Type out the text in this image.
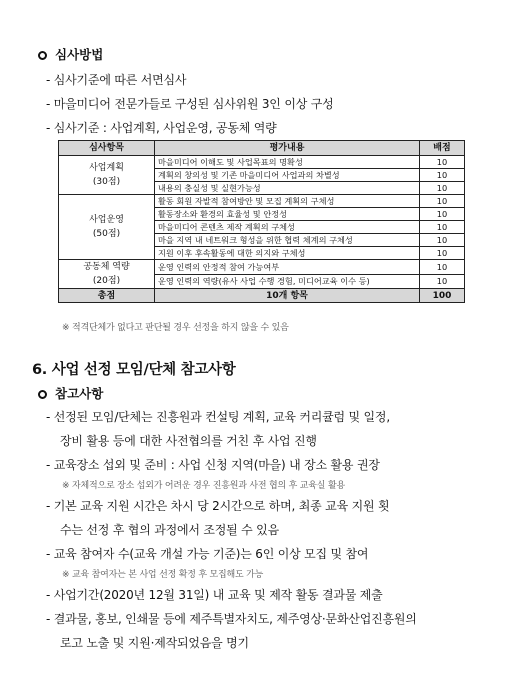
심사방법
- 심사기준에 따른 서면심사
- 마을미디어 전문가들로 구성된 심사위원 3인 이상 구성
- 심사기준 : 사업계획, 사업운영, 공동체 역량
심사항목	평가내용	배점

사업계획
(30점)	마을미디어 이해도 및 사업목표의 명확성	10
	계획의 창의성 및 기존 마을미디어 사업과의 차별성	10
	내용의 충실성 및 실현가능성	10

사업운영
(50점)	활동 회원 자발적 참여방안 및 모집 계획의 구체성	10
	활동장소와 환경의 효율성 및 안정성	10
	마을미디어 콘텐츠 제작 계획의 구체성	10
	마을 지역 내 네트워크 형성을 위한 협력 체계의 구체성	10
	지원 이후 후속활동에 대한 의지와 구체성	10

공동체 역량
(20점)	운영 인력의 안정적 참여 가능여부	10
	운영 인력의 역량(유사 사업 수행 경험, 미디어교육 이수 등)	10
총점	10개 항목	100
※ 적격단체가 없다고 판단될 경우 선정을 하지 않을 수 있음
6. 사업 선정 모임/단체 참고사항
참고사항
- 선정된 모임/단체는 진흥원과 컨설팅 계획, 교육 커리큘럼 및 일정,
장비 활용 등에 대한 사전협의를 거친 후 사업 진행
- 교육장소 섭외 및 준비 : 사업 신청 지역(마을) 내 장소 활용 권장
※ 자체적으로 장소 섭외가 어려운 경우 진흥원과 사전 협의 후 교육실 활용
- 기본 교육 지원 시간은 차시 당 2시간으로 하며, 최종 교육 지원 횟
수는 선정 후 협의 과정에서 조정될 수 있음
- 교육 참여자 수(교육 개설 가능 기준)는 6인 이상 모집 및 참여
※ 교육 참여자는 본 사업 선정 확정 후 모집해도 가능
- 사업기간(2020년 12월 31일) 내 교육 및 제작 활동 결과물 제출
- 결과물, 홍보, 인쇄물 등에 제주특별자치도, 제주영상·문화산업진흥원의
로고 노출 및 지원·제작되었음을 명기
